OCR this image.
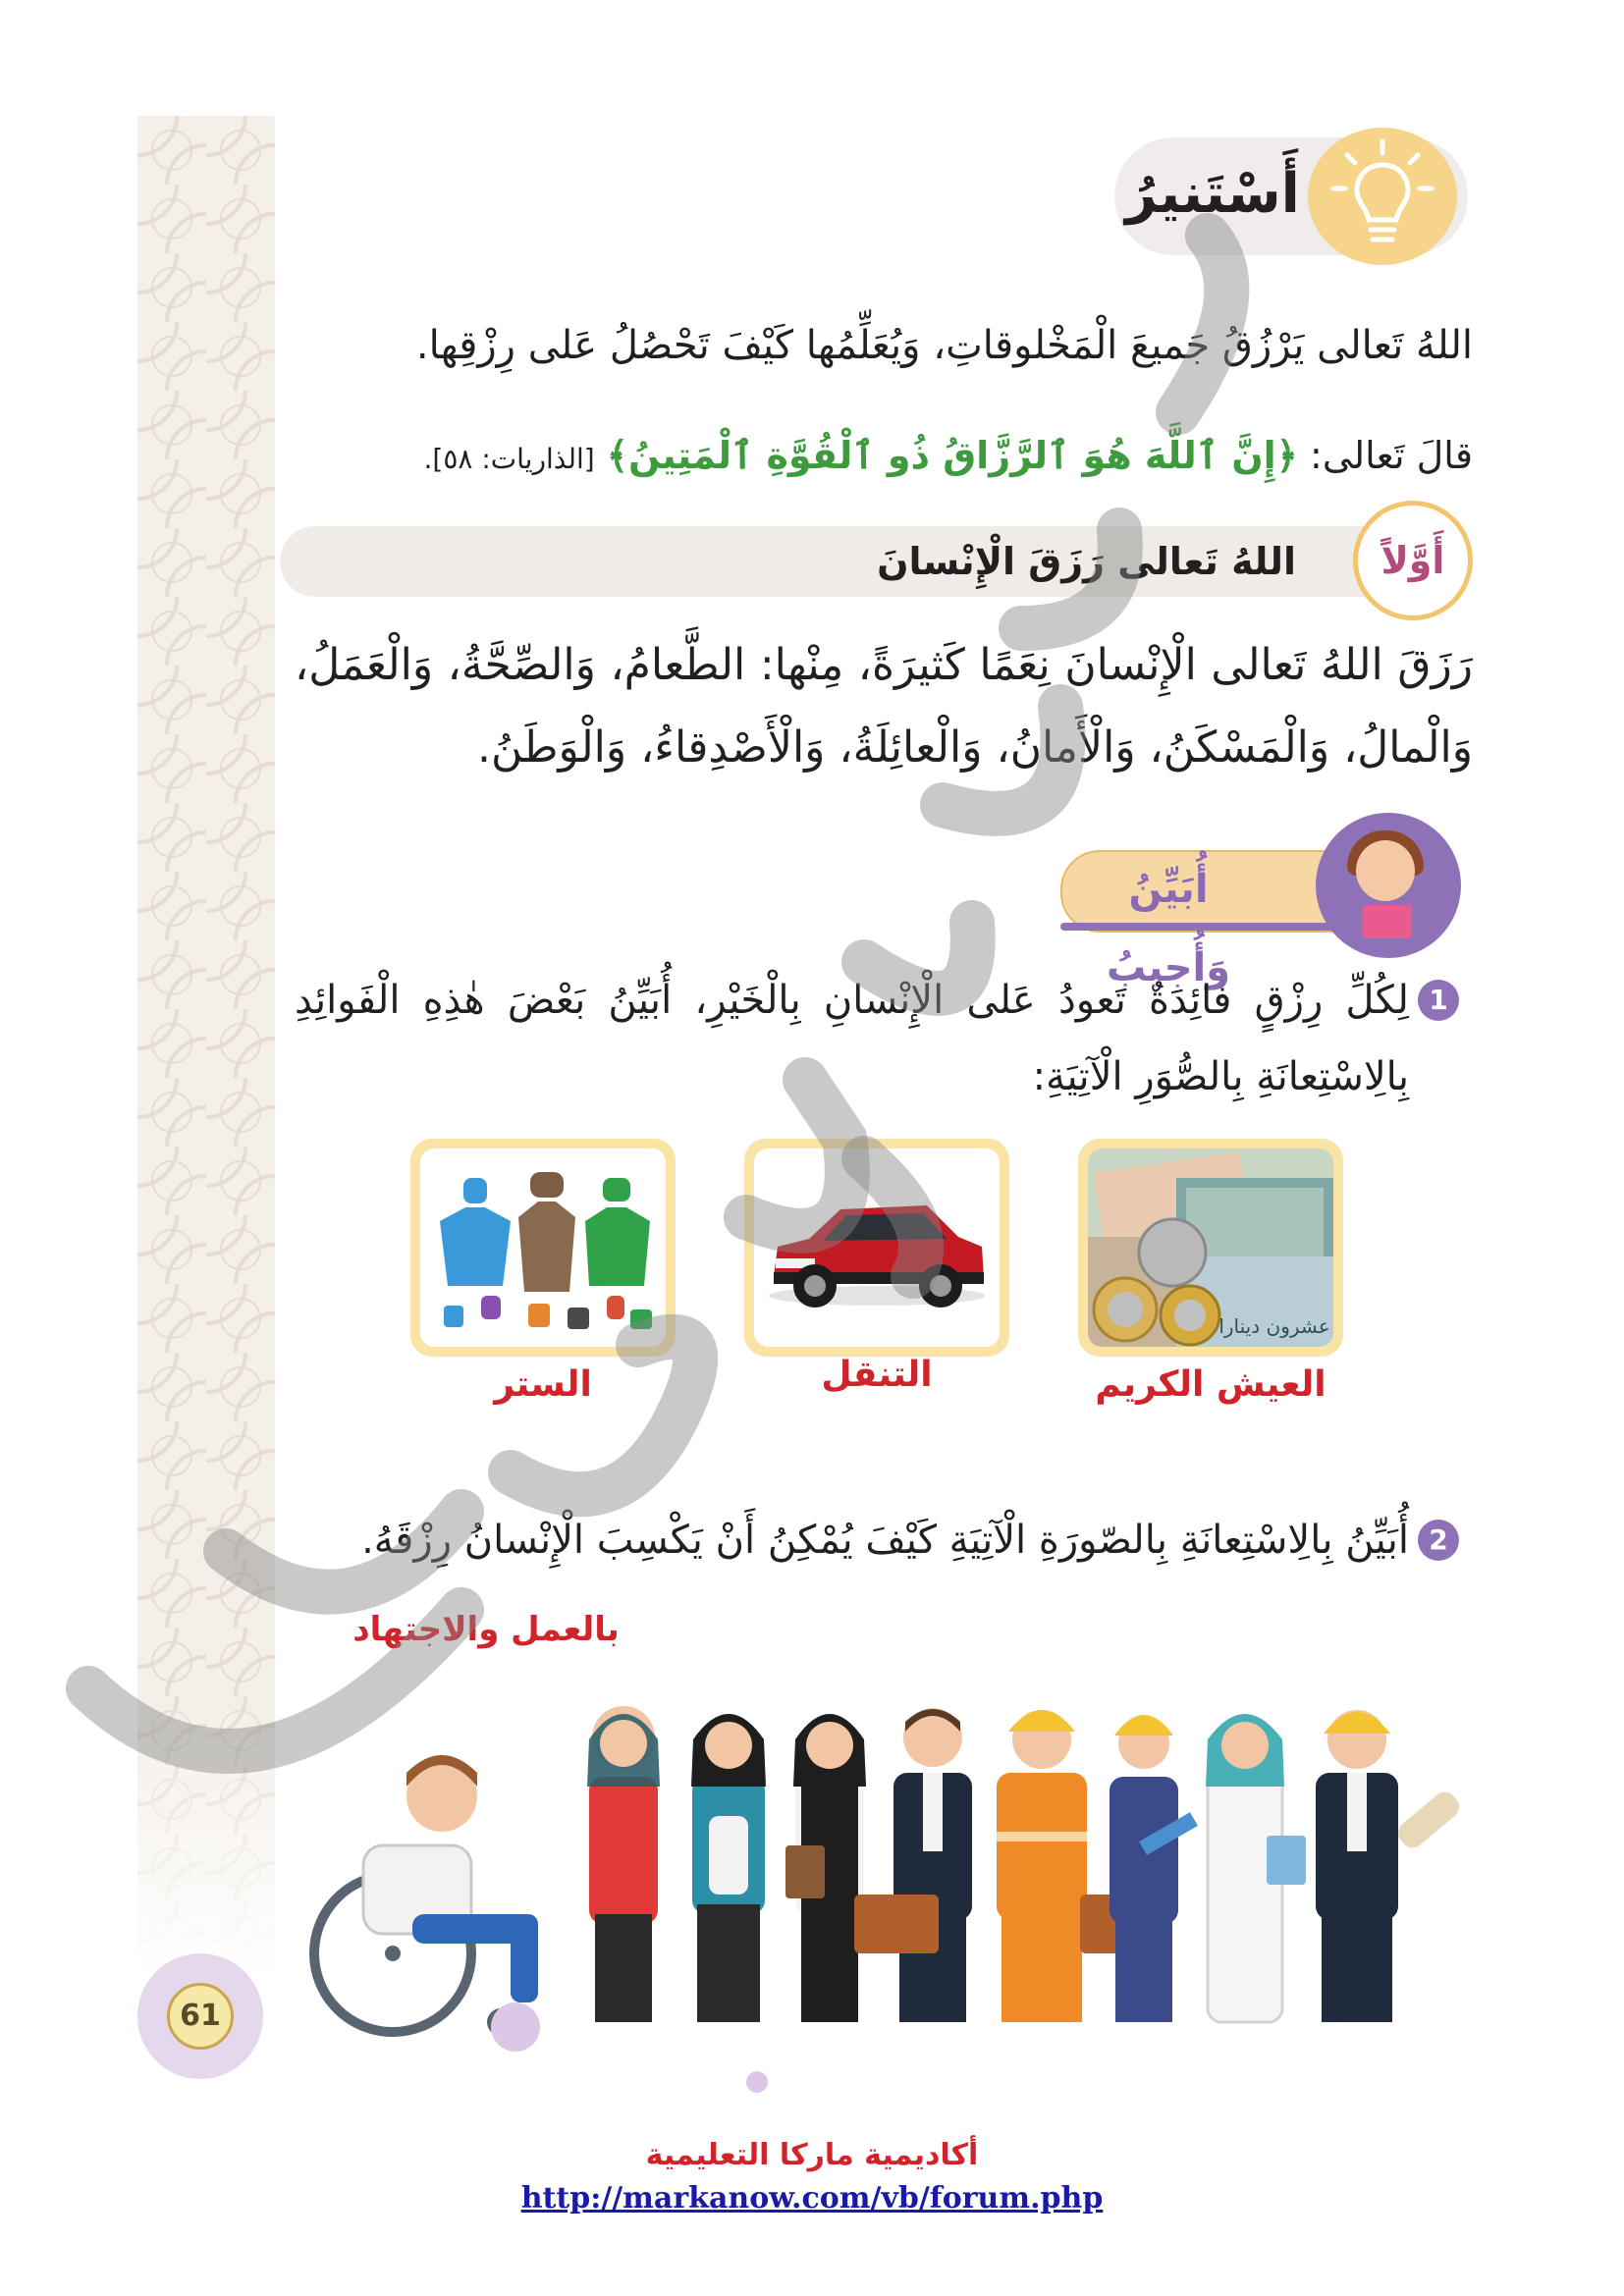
أَسْتَنيرُ
اللهُ تَعالى يَرْزُقُ جَميعَ الْمَخْلوقاتِ، وَيُعَلِّمُها كَيْفَ تَحْصُلُ عَلى رِزْقِها.
قالَ تَعالى: ﴿إِنَّ ٱللَّهَ هُوَ ٱلرَّزَّاقُ ذُو ٱلْقُوَّةِ ٱلْمَتِينُ﴾ [الذاريات: ٥٨].
اللهُ تَعالى رَزَقَ الْإِنْسانَ	أَوَّلاً
رَزَقَ اللهُ تَعالى الْإِنْسانَ نِعَمًا كَثيرَةً، مِنْها: الطَّعامُ، وَالصِّحَّةُ، وَالْعَمَلُ، وَالْمالُ، وَالْمَسْكَنُ، وَالْأَمانُ، وَالْعائِلَةُ، وَالْأَصْدِقاءُ، وَالْوَطَنُ.
أُبَيِّنُ وَأُجيبُ
1
لِكُلِّ رِزْقٍ فائِدَةٌ تَعودُ عَلى الْإِنْسانِ بِالْخَيْرِ، أُبَيِّنُ بَعْضَ هٰذِهِ الْفَوائِدِ بِالِاسْتِعانَةِ بِالصُّوَرِ الْآتِيَةِ:
عشرون دينارا
العيش الكريم
التنقل
الستر
2
أُبَيِّنُ بِالِاسْتِعانَةِ بِالصّورَةِ الْآتِيَةِ كَيْفَ يُمْكِنُ أَنْ يَكْسِبَ الْإِنْسانُ رِزْقَهُ.
بالعمل والاجتهاد
61
أكاديمية ماركا التعليمية
http://markanow.com/vb/forum.php
